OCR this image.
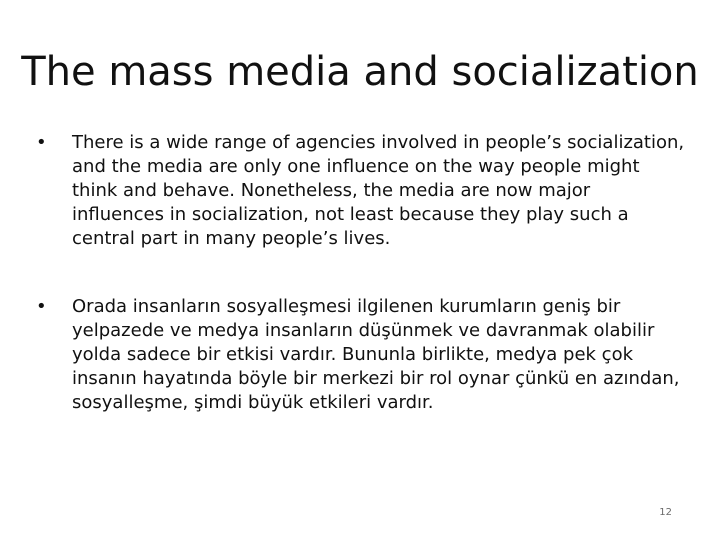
The mass media and socialization
•	There is a wide range of agencies involved in people’s socialization, and the media are only one influence on the way people might think and behave. Nonetheless, the media are now major influences in socialization, not least because they play such a central part in many people’s lives.
•	Orada insanların sosyalleşmesi ilgilenen kurumların geniş bir yelpazede ve medya insanların düşünmek ve davranmak olabilir yolda sadece bir etkisi vardır. Bununla birlikte, medya pek çok insanın hayatında böyle bir merkezi bir rol oynar çünkü en azından, sosyalleşme, şimdi büyük etkileri vardır.
12
